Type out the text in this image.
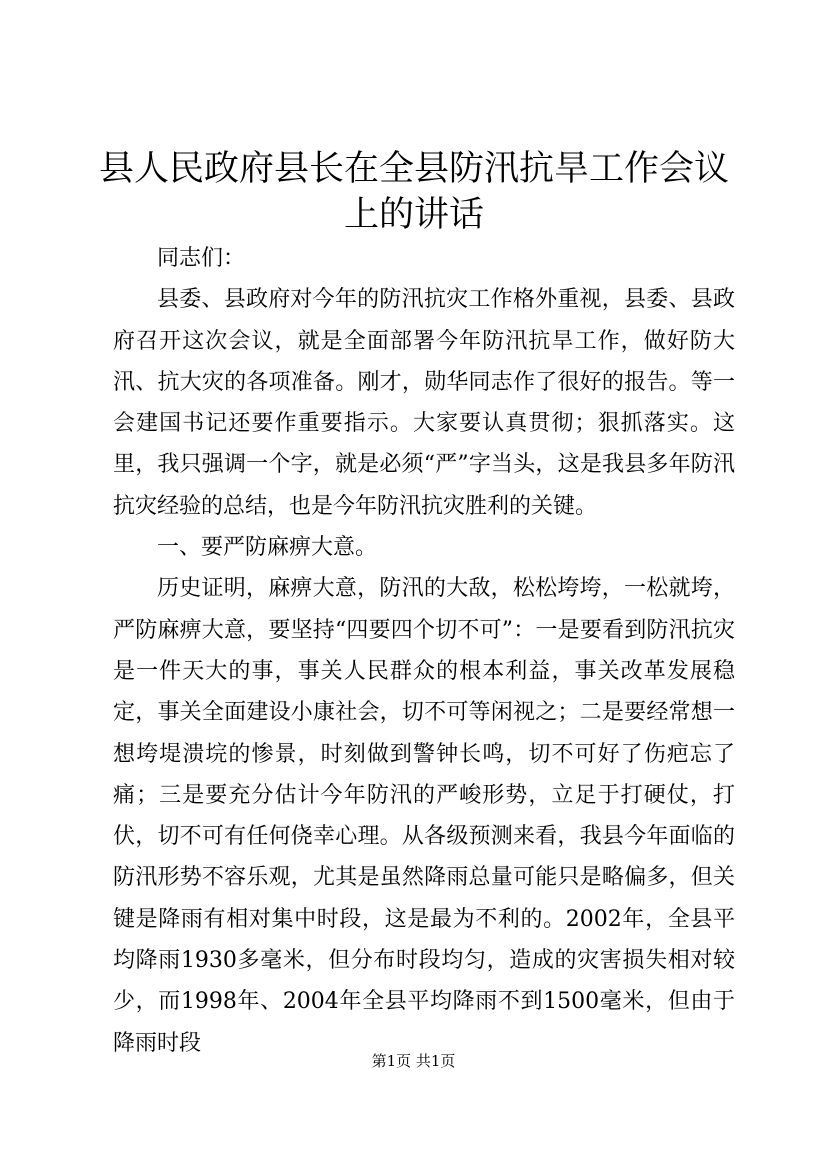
县人民政府县长在全县防汛抗旱工作会议上的讲话

同志们：

县委、县政府对今年的防汛抗灾工作格外重视，县委、县政府召开这次会议，就是全面部署今年防汛抗旱工作，做好防大汛、抗大灾的各项准备。刚才，勋华同志作了很好的报告。等一会建国书记还要作重要指示。大家要认真贯彻；狠抓落实。这里，我只强调一个字，就是必须“严”字当头，这是我县多年防汛抗灾经验的总结，也是今年防汛抗灾胜利的关键。

一、要严防麻痹大意。

历史证明，麻痹大意，防汛的大敌，松松垮垮，一松就垮，严防麻痹大意，要坚持“四要四个切不可”：一是要看到防汛抗灾是一件天大的事，事关人民群众的根本利益，事关改革发展稳定，事关全面建设小康社会，切不可等闲视之；二是要经常想一想垮堤溃垸的惨景，时刻做到警钟长鸣，切不可好了伤疤忘了痛；三是要充分估计今年防汛的严峻形势，立足于打硬仗，打伏，切不可有任何侥幸心理。从各级预测来看，我县今年面临的防汛形势不容乐观，尤其是虽然降雨总量可能只是略偏多，但关键是降雨有相对集中时段，这是最为不利的。2002年，全县平均降雨1930多毫米，但分布时段均匀，造成的灾害损失相对较少，而1998年、2004年全县平均降雨不到1500毫米，但由于降雨时段

第1页 共1页
